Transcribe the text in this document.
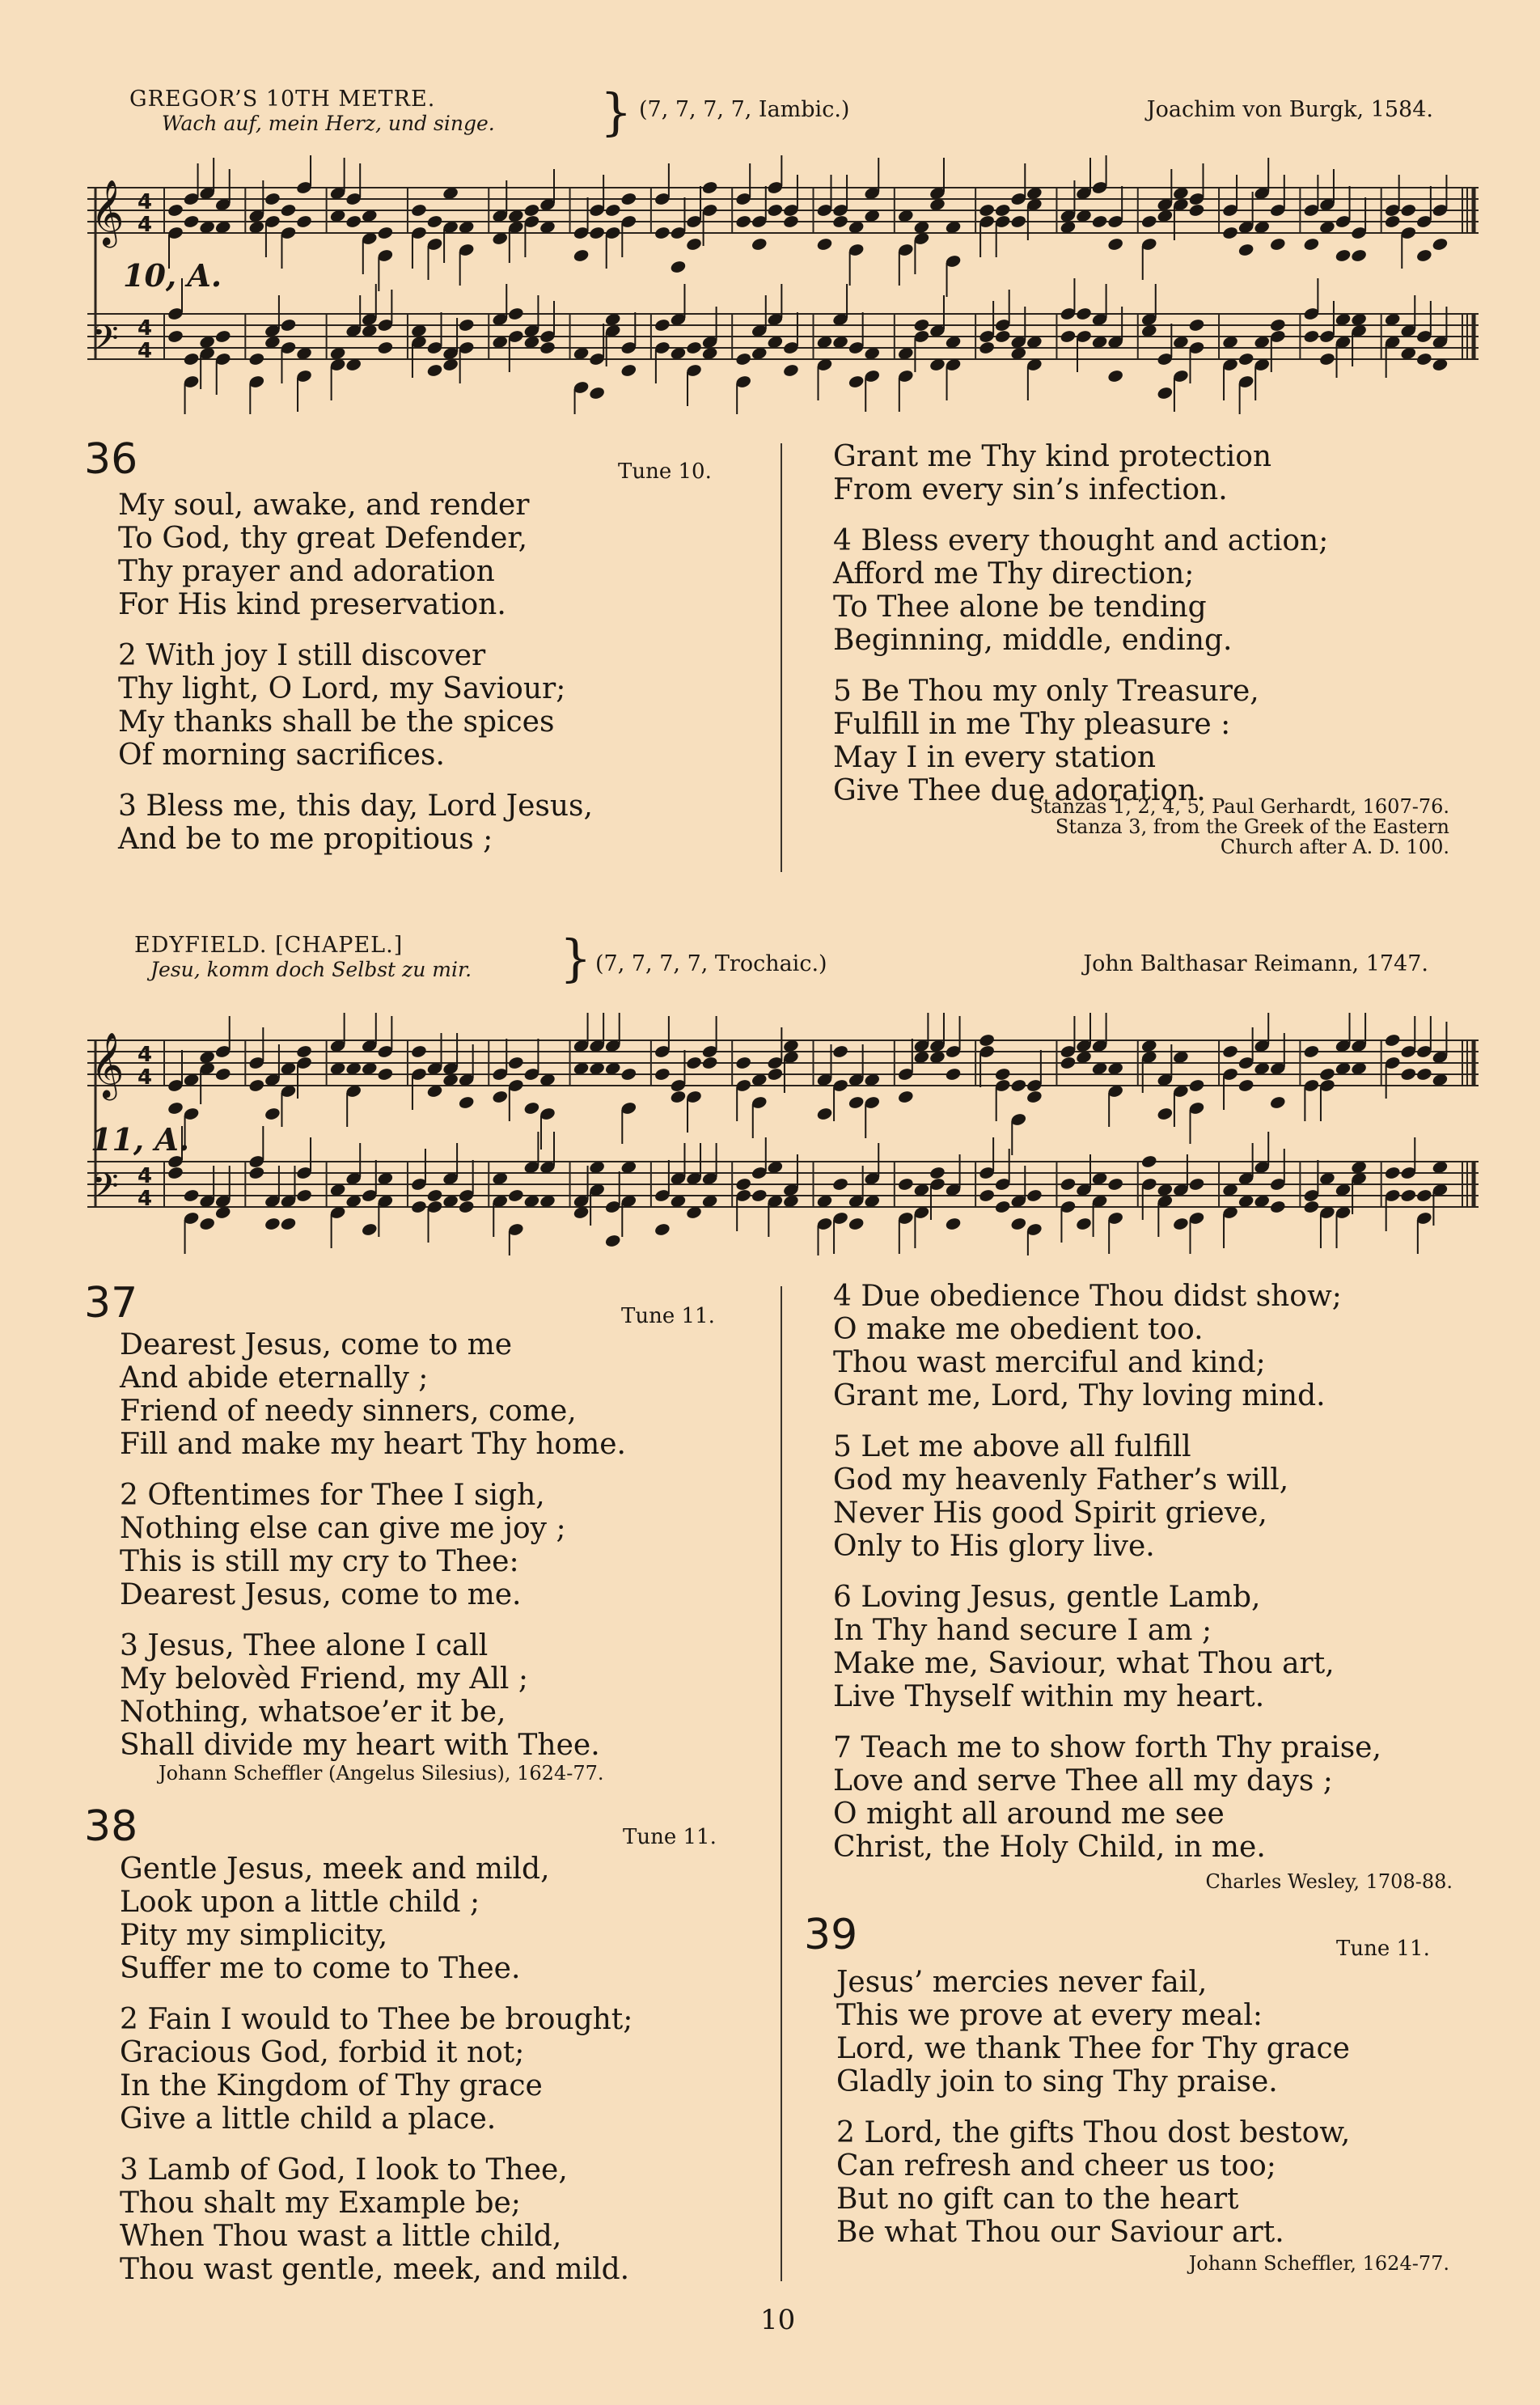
GREGOR’S 10TH METRE.
Wach auf, mein Herz, und singe. } (7, 7, 7, 7, Iambic.)	Joachim von Burgk, 1584.
𝄞 4
4
𝄢 4
4
10, A.
36	Tune 10.
My soul, awake, and render
To God, thy great Defender,
Thy prayer and adoration
For His kind preservation.
2 With joy I still discover
Thy light, O Lord, my Saviour;
My thanks shall be the spices
Of morning sacrifices.
3 Bless me, this day, Lord Jesus,
And be to me propitious ;
Grant me Thy kind protection
From every sin’s infection.
4 Bless every thought and action;
Afford me Thy direction;
To Thee alone be tending
Beginning, middle, ending.
5 Be Thou my only Treasure,
Fulfill in me Thy pleasure :
May I in every station
Give Thee due adoration.
Stanzas 1, 2, 4, 5, Paul Gerhardt, 1607-76.
Stanza 3, from the Greek of the Eastern
Church after A. D. 100.
EDYFIELD. [CHAPEL.]
Jesu, komm doch Selbst zu mir. } (7, 7, 7, 7, Trochaic.)	John Balthasar Reimann, 1747.
𝄞 4
4
𝄢 4
4
11, A.
37	Tune 11.
Dearest Jesus, come to me
And abide eternally ;
Friend of needy sinners, come,
Fill and make my heart Thy home.
2 Oftentimes for Thee I sigh,
Nothing else can give me joy ;
This is still my cry to Thee:
Dearest Jesus, come to me.
3 Jesus, Thee alone I call
My belovèd Friend, my All ;
Nothing, whatsoe’er it be,
Shall divide my heart with Thee.
Johann Scheffler (Angelus Silesius), 1624-77.
38	Tune 11.
Gentle Jesus, meek and mild,
Look upon a little child ;
Pity my simplicity,
Suffer me to come to Thee.
2 Fain I would to Thee be brought;
Gracious God, forbid it not;
In the Kingdom of Thy grace
Give a little child a place.
3 Lamb of God, I look to Thee,
Thou shalt my Example be;
When Thou wast a little child,
Thou wast gentle, meek, and mild.
4 Due obedience Thou didst show;
O make me obedient too.
Thou wast merciful and kind;
Grant me, Lord, Thy loving mind.
5 Let me above all fulfill
God my heavenly Father’s will,
Never His good Spirit grieve,
Only to His glory live.
6 Loving Jesus, gentle Lamb,
In Thy hand secure I am ;
Make me, Saviour, what Thou art,
Live Thyself within my heart.
7 Teach me to show forth Thy praise,
Love and serve Thee all my days ;
O might all around me see
Christ, the Holy Child, in me.
Charles Wesley, 1708-88.
39	Tune 11.
Jesus’ mercies never fail,
This we prove at every meal:
Lord, we thank Thee for Thy grace
Gladly join to sing Thy praise.
2 Lord, the gifts Thou dost bestow,
Can refresh and cheer us too;
But no gift can to the heart
Be what Thou our Saviour art.
Johann Scheffler, 1624-77.
10
